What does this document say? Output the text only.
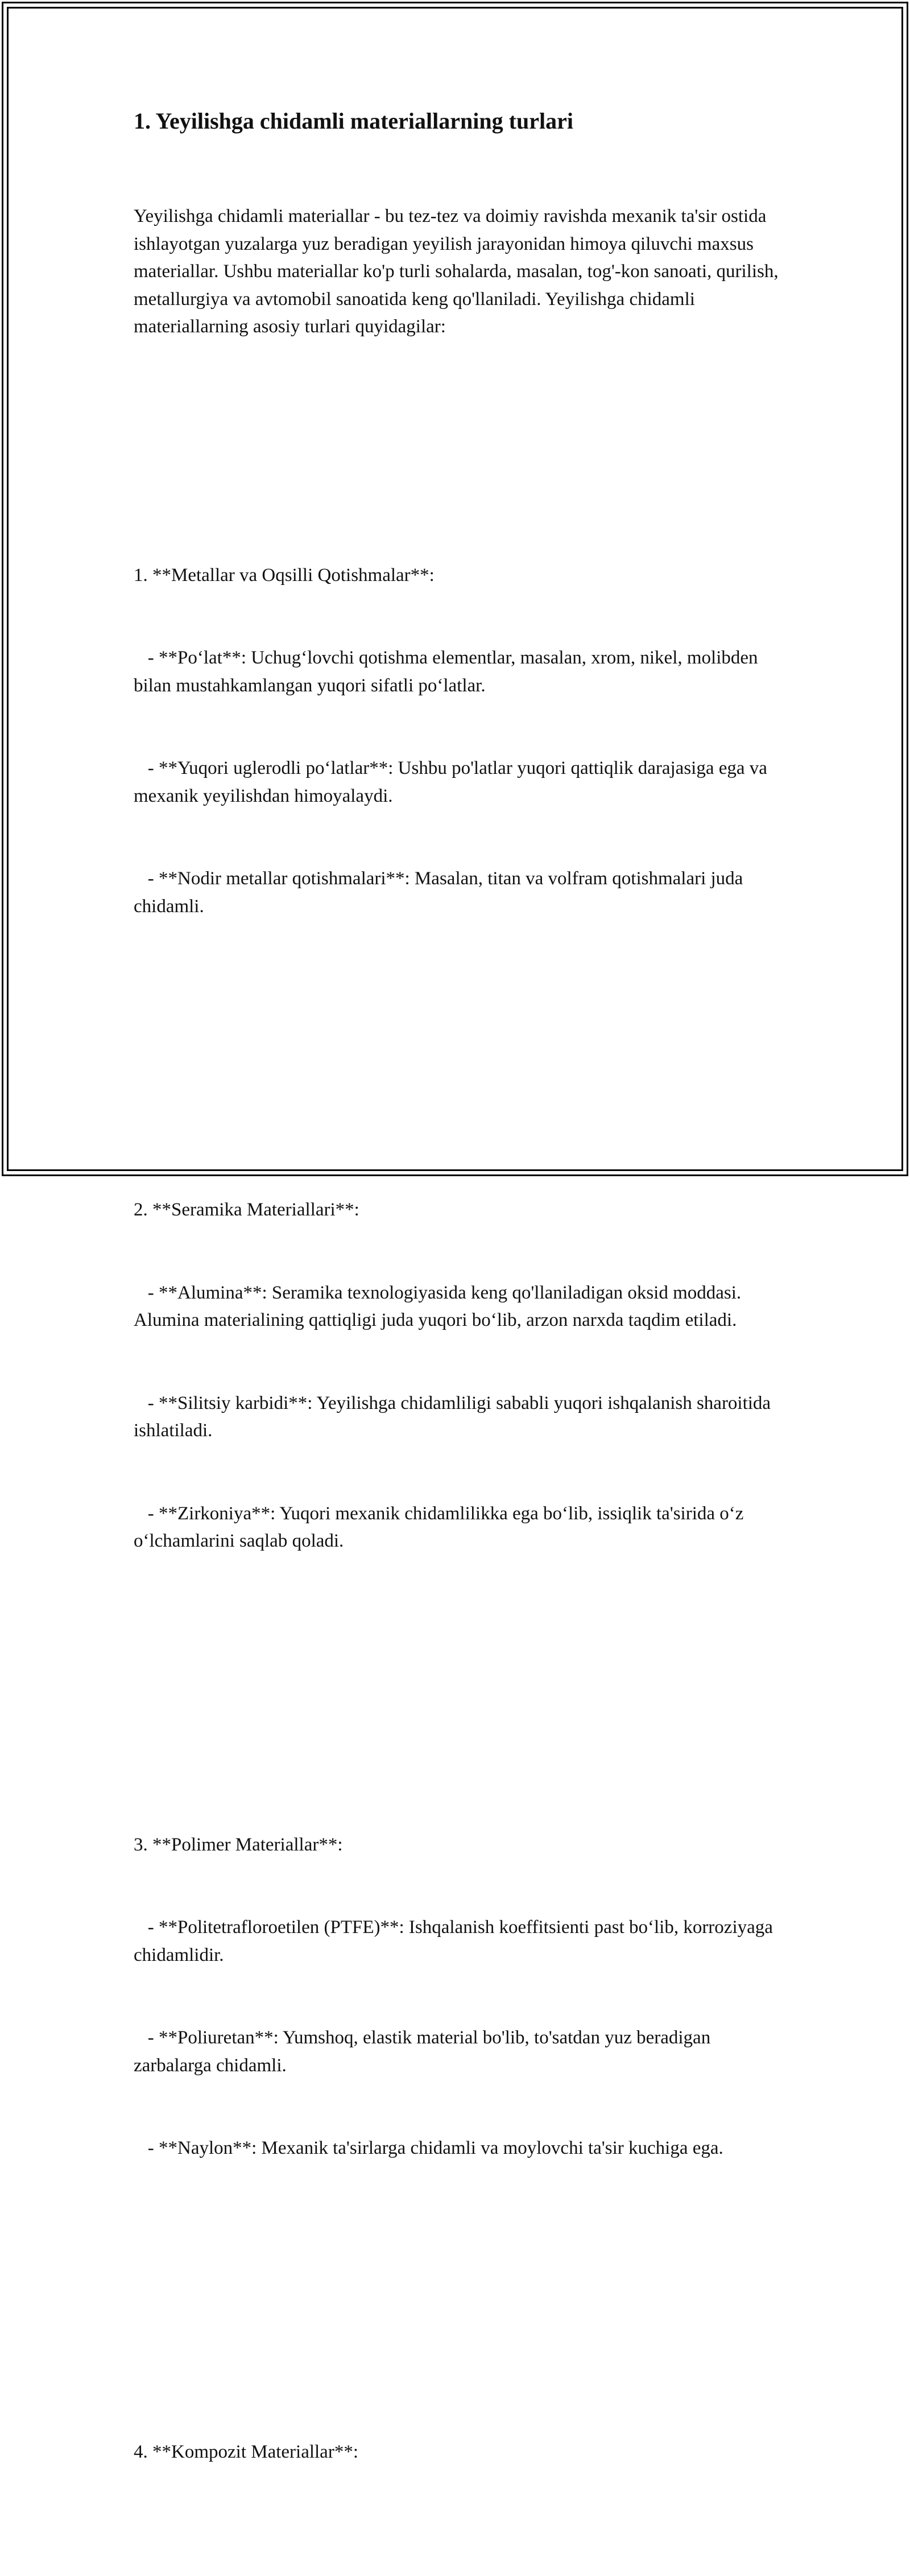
1. Yeyilishga chidamli materiallarning turlari

Yeyilishga chidamli materiallar - bu tez-tez va doimiy ravishda mexanik ta'sir ostida ishlayotgan yuzalarga yuz beradigan yeyilish jarayonidan himoya qiluvchi maxsus materiallar. Ushbu materiallar ko'p turli sohalarda, masalan, tog'-kon sanoati, qurilish, metallurgiya va avtomobil sanoatida keng qo'llaniladi. Yeyilishga chidamli materiallarning asosiy turlari quyidagilar:

1. **Metallar va Oqsilli Qotishmalar**:

- **Po‘lat**: Uchug‘lovchi qotishma elementlar, masalan, xrom, nikel, molibden bilan mustahkamlangan yuqori sifatli po‘latlar.

- **Yuqori uglerodli po‘latlar**: Ushbu po'latlar yuqori qattiqlik darajasiga ega va mexanik yeyilishdan himoyalaydi.

- **Nodir metallar qotishmalari**: Masalan, titan va volfram qotishmalari juda chidamli.

2. **Seramika Materiallari**:

- **Alumina**: Seramika texnologiyasida keng qo'llaniladigan oksid moddasi. Alumina materialining qattiqligi juda yuqori bo‘lib, arzon narxda taqdim etiladi.

- **Silitsiy karbidi**: Yeyilishga chidamliligi sababli yuqori ishqalanish sharoitida ishlatiladi.

- **Zirkoniya**: Yuqori mexanik chidamlilikka ega bo‘lib, issiqlik ta'sirida o‘z o‘lchamlarini saqlab qoladi.

3. **Polimer Materiallar**:

- **Politetrafloroetilen (PTFE)**: Ishqalanish koeffitsienti past bo‘lib, korroziyaga chidamlidir.

- **Poliuretan**: Yumshoq, elastik material bo'lib, to'satdan yuz beradigan zarbalarga chidamli.

- **Naylon**: Mexanik ta'sirlarga chidamli va moylovchi ta'sir kuchiga ega.

4. **Kompozit Materiallar**:
